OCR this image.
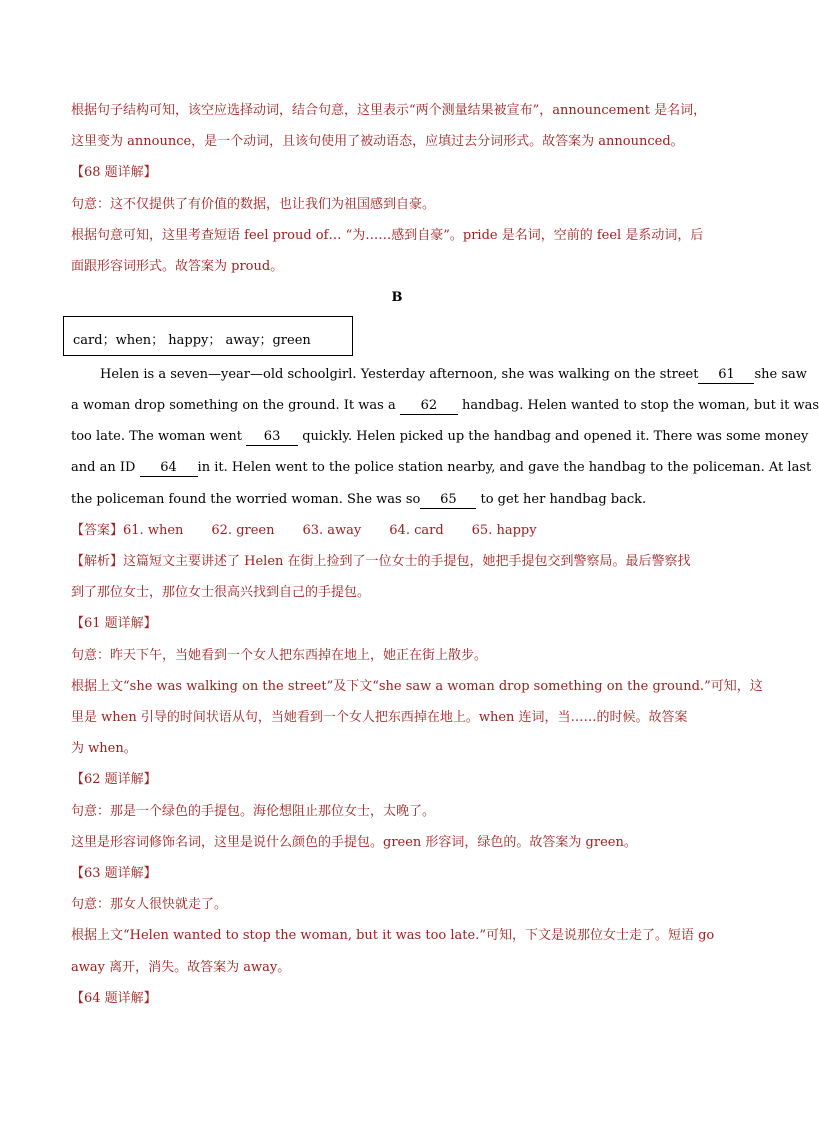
根据句子结构可知，该空应选择动词，结合句意，这里表示“两个测量结果被宣布”，announcement 是名词，
这里变为 announce，是一个动词，且该句使用了被动语态，应填过去分词形式。故答案为 announced。
【68 题详解】
句意：这不仅提供了有价值的数据，也让我们为祖国感到自豪。
根据句意可知，这里考查短语 feel proud of… “为……感到自豪”。pride 是名词，空前的 feel 是系动词，后
面跟形容词形式。故答案为 proud。
B
card；when； happy； away；green
Helen is a seven—year—old schoolgirl. Yesterday afternoon, she was walking on the street 61 she saw
a woman drop something on the ground. It was a 62 handbag. Helen wanted to stop the woman, but it was
too late. The woman went 63 quickly. Helen picked up the handbag and opened it. There was some money
and an ID 64 in it. Helen went to the police station nearby, and gave the handbag to the policeman. At last
the policeman found the worried woman. She was so 65 to get her handbag back.
【答案】61. when 62. green 63. away 64. card 65. happy
【解析】这篇短文主要讲述了 Helen 在街上捡到了一位女士的手提包，她把手提包交到警察局。最后警察找
到了那位女士，那位女士很高兴找到自己的手提包。
【61 题详解】
句意：昨天下午，当她看到一个女人把东西掉在地上，她正在街上散步。
根据上文“she was walking on the street”及下文“she saw a woman drop something on the ground.”可知，这
里是 when 引导的时间状语从句，当她看到一个女人把东西掉在地上。when 连词，当……的时候。故答案
为 when。
【62 题详解】
句意：那是一个绿色的手提包。海伦想阻止那位女士，太晚了。
这里是形容词修饰名词，这里是说什么颜色的手提包。green 形容词，绿色的。故答案为 green。
【63 题详解】
句意：那女人很快就走了。
根据上文“Helen wanted to stop the woman, but it was too late.”可知，下文是说那位女士走了。短语 go
away 离开，消失。故答案为 away。
【64 题详解】
